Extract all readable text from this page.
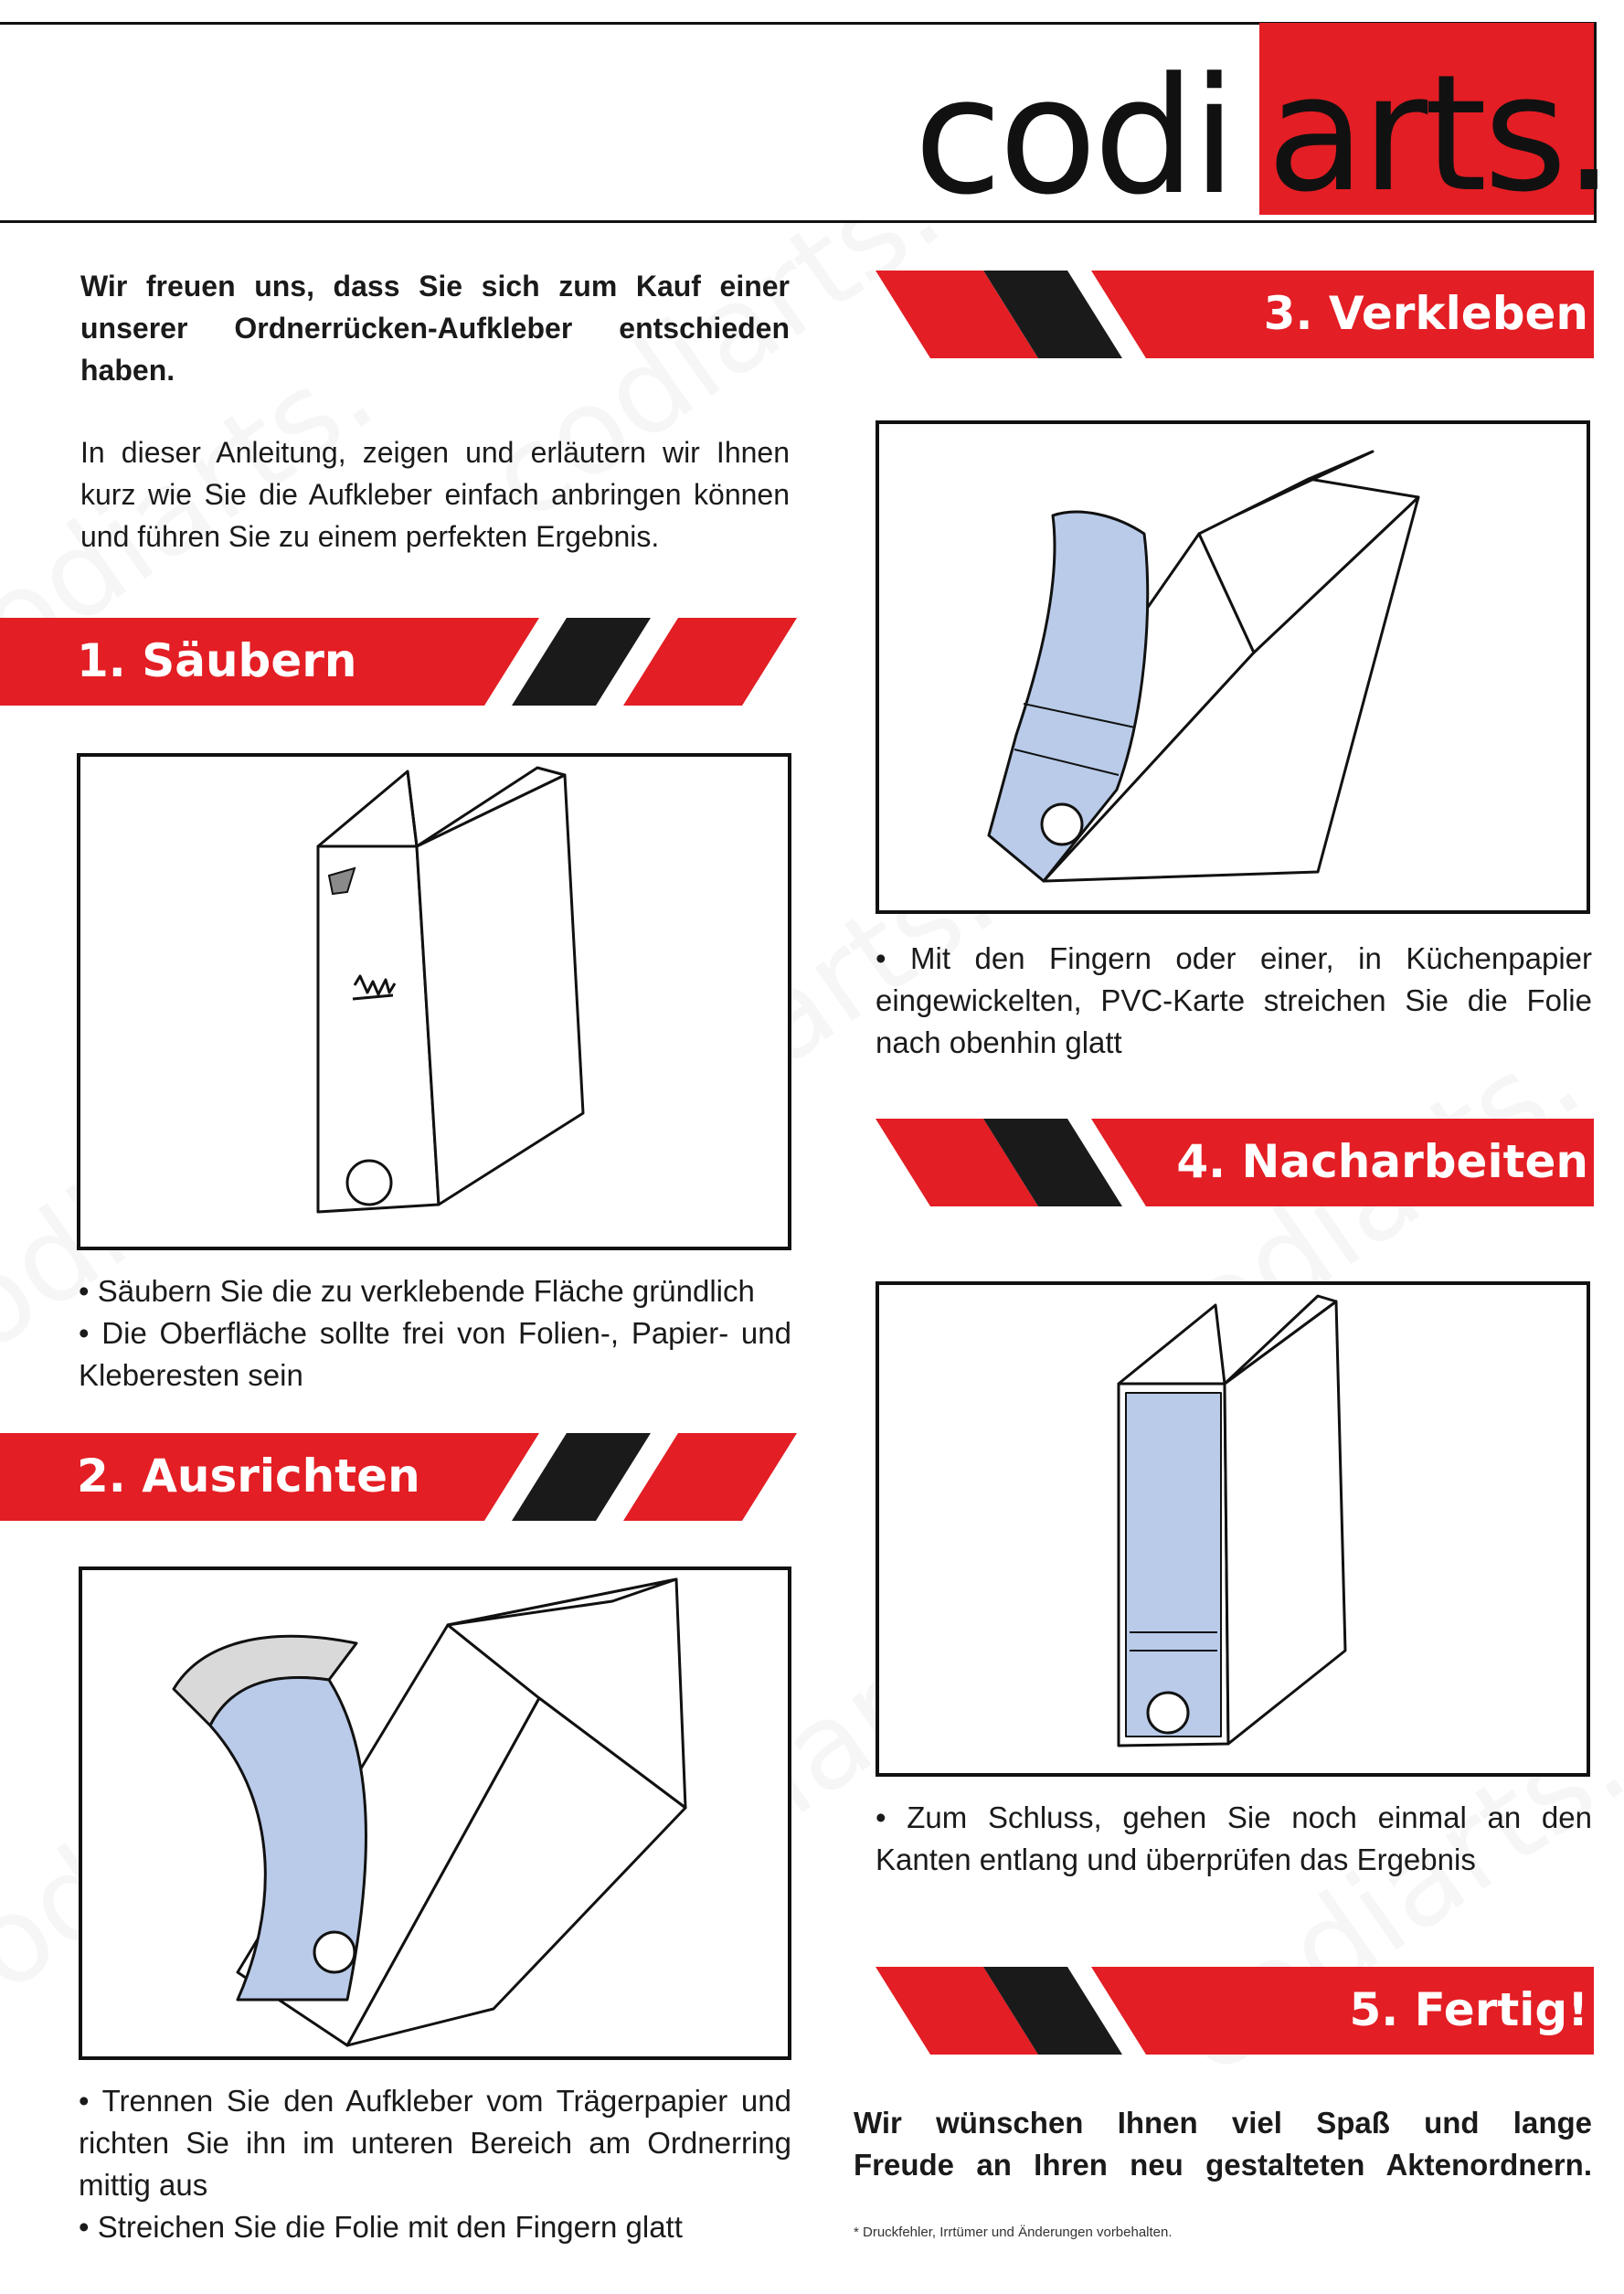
codi arts.

Wir freuen uns, dass Sie sich zum Kauf einer unserer Ordnerrücken-Aufkleber entschieden haben.

In dieser Anleitung, zeigen und erläutern wir Ihnen kurz wie Sie die Aufkleber einfach anbringen können und führen Sie zu einem perfekten Ergebnis.

1. Säubern
• Säubern Sie die zu verklebende Fläche gründlich
• Die Oberfläche sollte frei von Folien-, Papier- und Kleberesten sein
2. Ausrichten
• Trennen Sie den Aufkleber vom Trägerpapier und richten Sie ihn im unteren Bereich am Ordnerring mittig aus
• Streichen Sie die Folie mit den Fingern glatt
3. Verkleben
• Mit den Fingern oder einer, in Küchenpapier eingewickelten, PVC-Karte streichen Sie die Folie nach obenhin glatt
4. Nacharbeiten
• Zum Schluss, gehen Sie noch einmal an den Kanten entlang und überprüfen das Ergebnis
5. Fertig!
Wir wünschen Ihnen viel Spaß und lange
Freude an Ihren neu gestalteten Aktenordnern.
* Druckfehler, Irrtümer und Änderungen vorbehalten.
